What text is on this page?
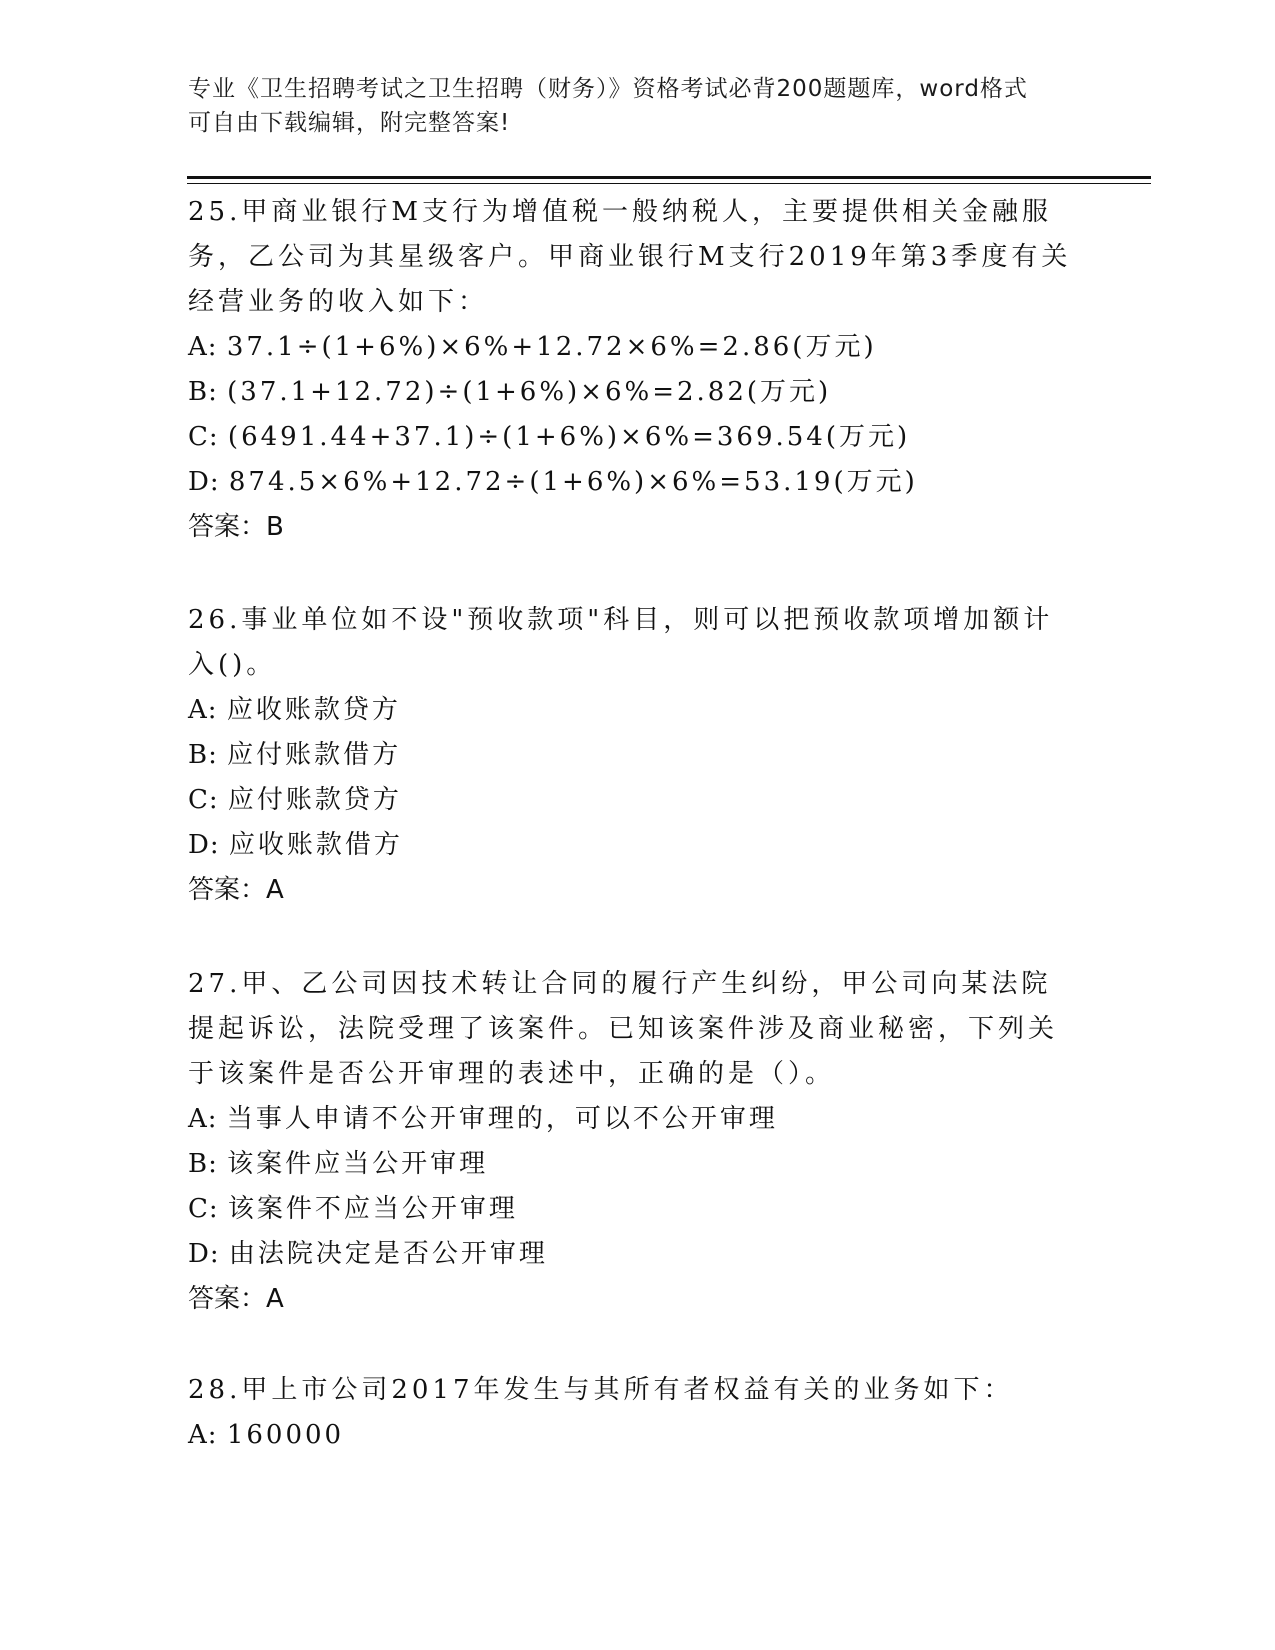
专业《卫生招聘考试之卫生招聘（财务）》资格考试必背200题题库，word格式
可自由下载编辑，附完整答案!
25.甲商业银行M支行为增值税一般纳税人，主要提供相关金融服务，乙公司为其星级客户。甲商业银行M支行2019年第3季度有关经营业务的收入如下：
A: 37.1÷(1+6%)×6%+12.72×6%=2.86(万元)
B: (37.1+12.72)÷(1+6%)×6%=2.82(万元)
C: (6491.44+37.1)÷(1+6%)×6%=369.54(万元)
D: 874.5×6%+12.72÷(1+6%)×6%=53.19(万元)
答案：B
26.事业单位如不设"预收款项"科目，则可以把预收款项增加额计入()。
A: 应收账款贷方
B: 应付账款借方
C: 应付账款贷方
D: 应收账款借方
答案：A
27.甲、乙公司因技术转让合同的履行产生纠纷，甲公司向某法院提起诉讼，法院受理了该案件。已知该案件涉及商业秘密，下列关于该案件是否公开审理的表述中，正确的是（）。
A: 当事人申请不公开审理的，可以不公开审理
B: 该案件应当公开审理
C: 该案件不应当公开审理
D: 由法院决定是否公开审理
答案：A
28.甲上市公司2017年发生与其所有者权益有关的业务如下：
A: 160000
